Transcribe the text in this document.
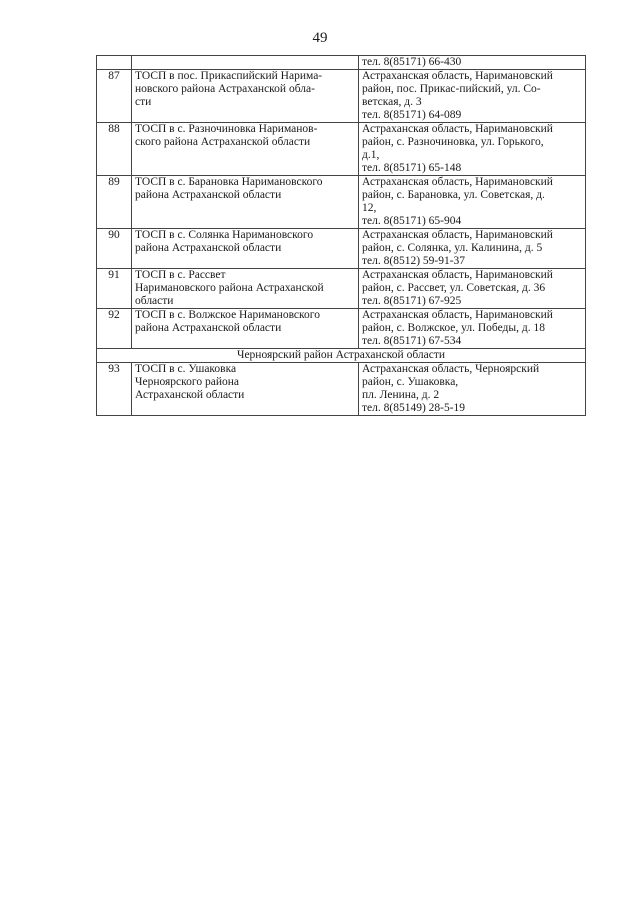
49

		тел. 8(85171) 66-430

87	ТОСП в пос. Прикаспийский Нарима-
новского района Астраханской обла-
сти	Астраханская область, Наримановский
район, пос. Прикас-пийский, ул. Со-
ветская, д. 3
тел. 8(85171) 64-089

88	ТОСП в с. Разночиновка Нариманов-
ского района Астраханской области	Астраханская область, Наримановский
район, с. Разночиновка, ул. Горького,
д.1,
тел. 8(85171) 65-148

89	ТОСП в с. Барановка Наримановского
района Астраханской области	Астраханская область, Наримановский
район, с. Барановка, ул. Советская, д.
12,
тел. 8(85171) 65-904

90	ТОСП в с. Солянка Наримановского
района Астраханской области	Астраханская область, Наримановский
район, с. Солянка, ул. Калинина, д. 5
тел. 8(8512) 59-91-37

91	ТОСП в с. Рассвет
Наримановского района Астраханской
области	Астраханская область, Наримановский
район, с. Рассвет, ул. Советская, д. 36
тел. 8(85171) 67-925

92	ТОСП в с. Волжское Наримановского
района Астраханской области	Астраханская область, Наримановский
район, с. Волжское, ул. Победы, д. 18
тел. 8(85171) 67-534

Черноярский район Астраханской области		
93	ТОСП в с. Ушаковка
Черноярского района
Астраханской области	Астраханская область, Черноярский
район, с. Ушаковка,
пл. Ленина, д. 2
тел. 8(85149) 28-5-19
